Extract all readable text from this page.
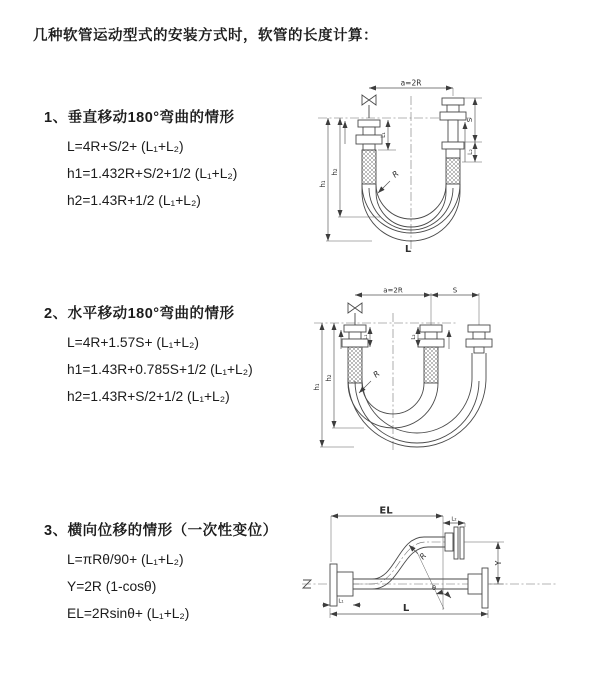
几种软管运动型式的安装方式时，软管的长度计算：
1、垂直移动180°弯曲的情形
L=4R+S/2+ (L₁+L₂)
h1=1.432R+S/2+1/2 (L₁+L₂)
h2=1.43R+1/2 (L₁+L₂)
2、水平移动180°弯曲的情形
L=4R+1.57S+ (L₁+L₂)
h1=1.43R+0.785S+1/2 (L₁+L₂)
h2=1.43R+S/2+1/2 (L₁+L₂)
3、横向位移的情形（一次性变位）
L=πRθ/90+ (L₁+L₂)
Y=2R (1-cosθ)
EL=2Rsinθ+ (L₁+L₂)
a=2R
h₁
h₂
L₁
S
L₂
R
L
a=2R	S
h₁
h₂
L₁	L₂
R
EL
L₂
Y
θ
R
L₁
L
